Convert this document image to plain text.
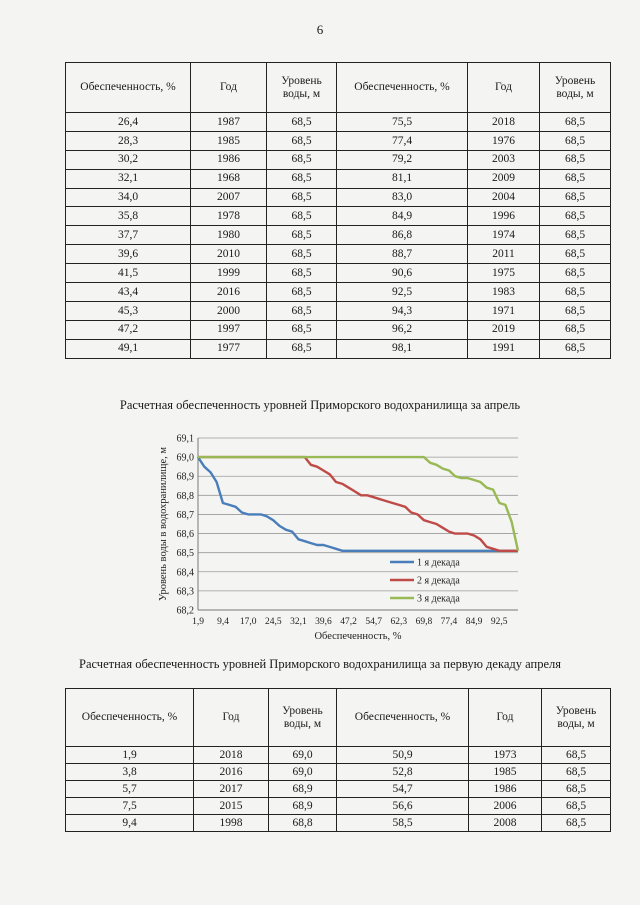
6
Обеспеченность, %	Год	Уровень воды, м	Обеспеченность, %	Год	Уровень воды, м
26,4	1987	68,5	75,5	2018	68,5
28,3	1985	68,5	77,4	1976	68,5
30,2	1986	68,5	79,2	2003	68,5
32,1	1968	68,5	81,1	2009	68,5
34,0	2007	68,5	83,0	2004	68,5
35,8	1978	68,5	84,9	1996	68,5
37,7	1980	68,5	86,8	1974	68,5
39,6	2010	68,5	88,7	2011	68,5
41,5	1999	68,5	90,6	1975	68,5
43,4	2016	68,5	92,5	1983	68,5
45,3	2000	68,5	94,3	1971	68,5
47,2	1997	68,5	96,2	2019	68,5
49,1	1977	68,5	98,1	1991	68,5
Расчетная обеспеченность уровней Приморского водохранилища за апрель
68,2
68,3
68,4
68,5
68,6
68,7
68,8
68,9
69,0
69,1
1,9 9,4 17,0 24,5 32,1 39,6 47,2 54,7 62,3 69,8 77,4 84,9 92,5
Обеспеченность, %
Уровень воды в водохранилище, м	1 я декада
2 я декада
3 я декада
Расчетная обеспеченность уровней Приморского водохранилища за первую декаду апреля
Обеспеченность, %	Год	Уровень воды, м	Обеспеченность, %	Год	Уровень воды, м
1,9	2018	69,0	50,9	1973	68,5
3,8	2016	69,0	52,8	1985	68,5
5,7	2017	68,9	54,7	1986	68,5
7,5	2015	68,9	56,6	2006	68,5
9,4	1998	68,8	58,5	2008	68,5
